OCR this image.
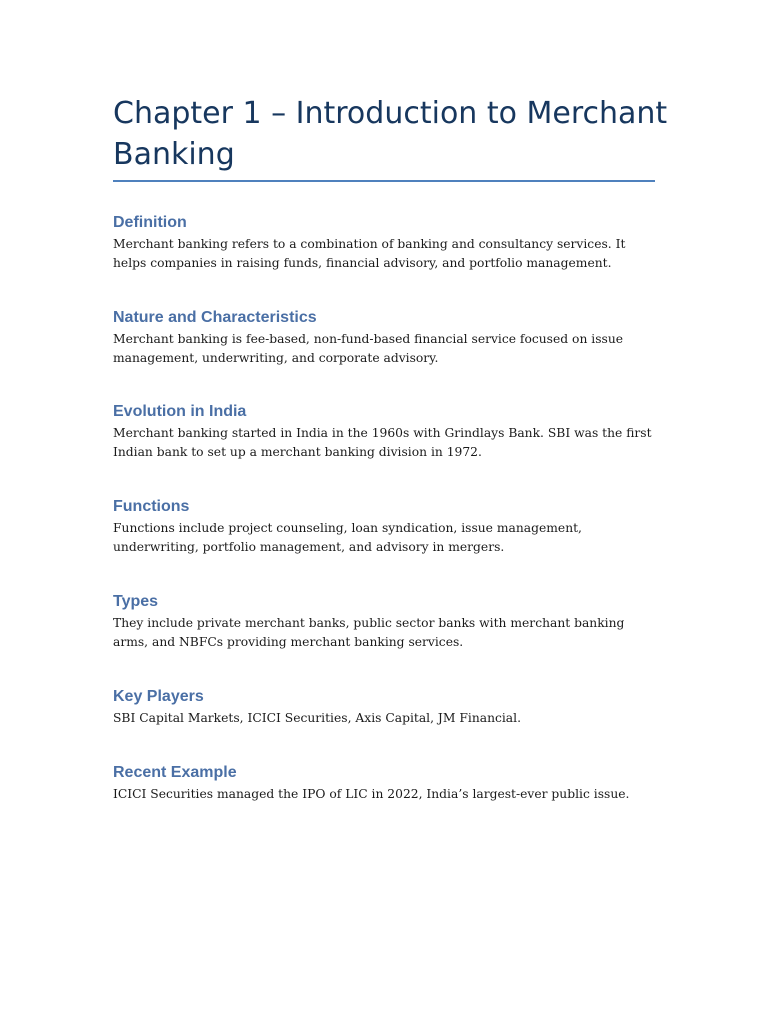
Chapter 1 – Introduction to Merchant Banking
Definition

Merchant banking refers to a combination of banking and consultancy services. It helps companies in raising funds, financial advisory, and portfolio management.

Nature and Characteristics

Merchant banking is fee-based, non-fund-based financial service focused on issue management, underwriting, and corporate advisory.

Evolution in India

Merchant banking started in India in the 1960s with Grindlays Bank. SBI was the first Indian bank to set up a merchant banking division in 1972.

Functions

Functions include project counseling, loan syndication, issue management, underwriting, portfolio management, and advisory in mergers.

Types

They include private merchant banks, public sector banks with merchant banking arms, and NBFCs providing merchant banking services.

Key Players

SBI Capital Markets, ICICI Securities, Axis Capital, JM Financial.

Recent Example

ICICI Securities managed the IPO of LIC in 2022, India’s largest-ever public issue.
